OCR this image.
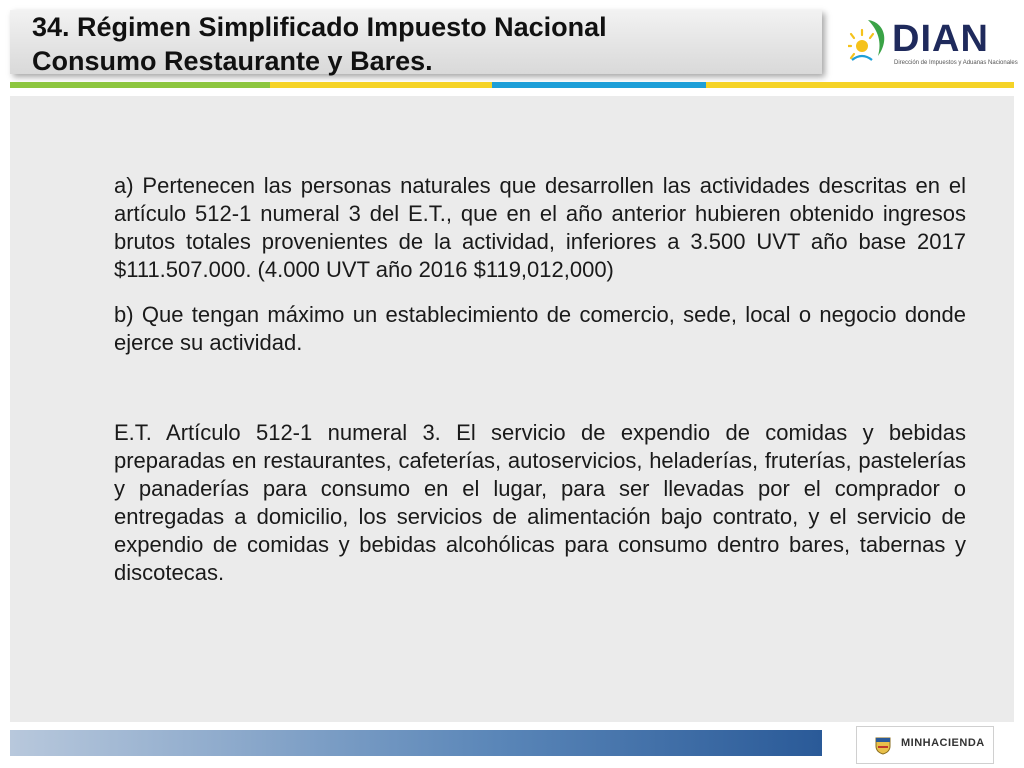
34. Régimen Simplificado Impuesto Nacional
Consumo Restaurante y Bares.
DIAN
Dirección de Impuestos y Aduanas Nacionales

a) Pertenecen las personas naturales que desarrollen las actividades descritas en el artículo 512-1 numeral 3 del E.T., que en el año anterior hubieren obtenido ingresos brutos totales provenientes de la actividad, inferiores a 3.500 UVT año base 2017 $111.507.000. (4.000 UVT año 2016 $119,012,000)

b) Que tengan máximo un establecimiento de comercio, sede, local o negocio donde ejerce su actividad.

E.T. Artículo 512-1 numeral 3. El servicio de expendio de comidas y bebidas preparadas en restaurantes, cafeterías, autoservicios, heladerías, fruterías, pastelerías y panaderías para consumo en el lugar, para ser llevadas por el comprador o entregadas a domicilio, los servicios de alimentación bajo contrato, y el servicio de expendio de comidas y bebidas alcohólicas para consumo dentro bares, tabernas y discotecas.

MINHACIENDA
